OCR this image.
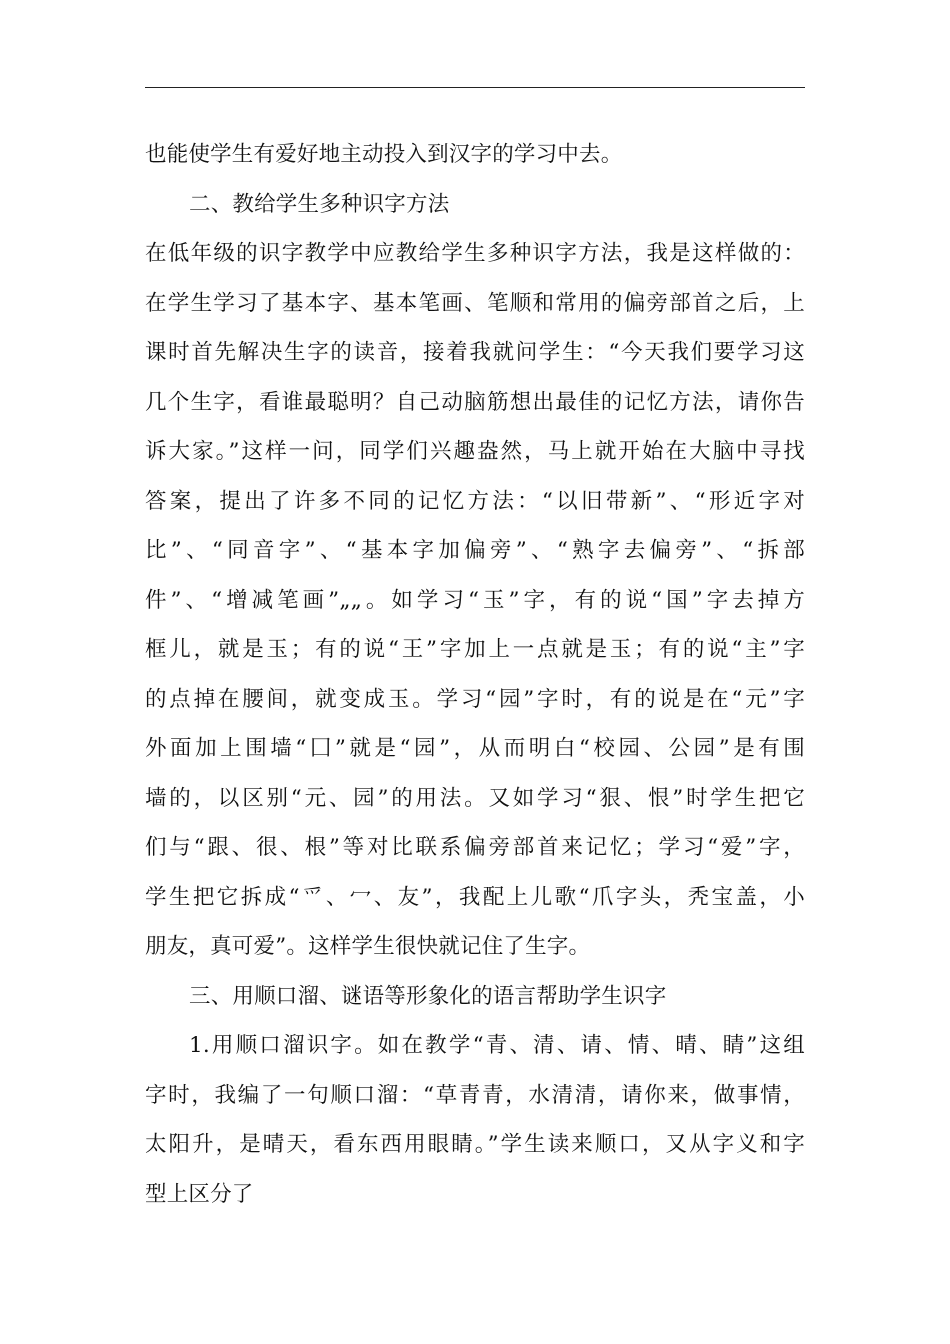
也能使学生有爱好地主动投入到汉字的学习中去。
二、教给学生多种识字方法
在低年级的识字教学中应教给学生多种识字方法，我是这样做的：
在学生学习了基本字、基本笔画、笔顺和常用的偏旁部首之后，上
课时首先解决生字的读音，接着我就问学生：“今天我们要学习这
几个生字，看谁最聪明？自己动脑筋想出最佳的记忆方法，请你告
诉大家。”这样一问，同学们兴趣盎然，马上就开始在大脑中寻找
答案，提出了许多不同的记忆方法：“以旧带新”、“形近字对
比”、“同音字”、“基本字加偏旁”、“熟字去偏旁”、“拆部
件”、“增减笔画”„„。如学习“玉”字，有的说“国”字去掉方
框儿，就是玉；有的说“王”字加上一点就是玉；有的说“主”字
的点掉在腰间，就变成玉。学习“园”字时，有的说是在“元”字
外面加上围墙“囗”就是“园”，从而明白“校园、公园”是有围
墙的，以区别“元、园”的用法。又如学习“狠、恨”时学生把它
们与“跟、很、根”等对比联系偏旁部首来记忆；学习“爱”字，
学生把它拆成“爫、冖、友”，我配上儿歌“爪字头，秃宝盖，小
朋友，真可爱”。这样学生很快就记住了生字。
三、用顺口溜、谜语等形象化的语言帮助学生识字
1.用顺口溜识字。如在教学“青、清、请、情、晴、睛”这组
字时，我编了一句顺口溜：“草青青，水清清，请你来，做事情，
太阳升，是晴天，看东西用眼睛。”学生读来顺口，又从字义和字
型上区分了
